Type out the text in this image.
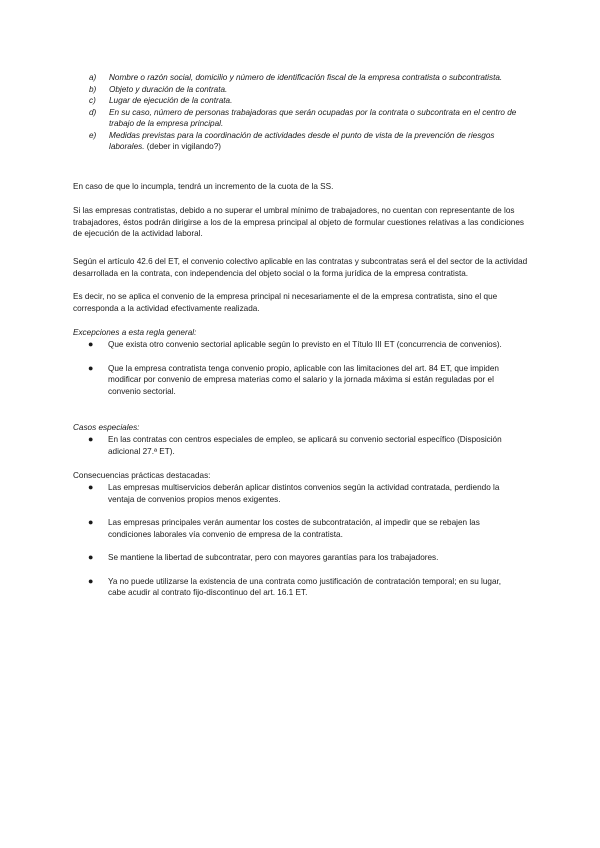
a)	Nombre o razón social, domicilio y número de identificación fiscal de la empresa contratista o subcontratista.
b)	Objeto y duración de la contrata.
c)	Lugar de ejecución de la contrata.
d)	En su caso, número de personas trabajadoras que serán ocupadas por la contrata o subcontrata en el centro de trabajo de la empresa principal.
e)	Medidas previstas para la coordinación de actividades desde el punto de vista de la prevención de riesgos laborales. (deber in vigilando?)

En caso de que lo incumpla, tendrá un incremento de la cuota de la SS.

Si las empresas contratistas, debido a no superar el umbral mínimo de trabajadores, no cuentan con representante de los trabajadores, éstos podrán dirigirse a los de la empresa principal al objeto de formular cuestiones relativas a las condiciones de ejecución de la actividad laboral.

Según el artículo 42.6 del ET, el convenio colectivo aplicable en las contratas y subcontratas será el del sector de la actividad desarrollada en la contrata, con independencia del objeto social o la forma jurídica de la empresa contratista.

Es decir, no se aplica el convenio de la empresa principal ni necesariamente el de la empresa contratista, sino el que corresponda a la actividad efectivamente realizada.

Excepciones a esta regla general:
●	Que exista otro convenio sectorial aplicable según lo previsto en el Título III ET (concurrencia de convenios).
●	Que la empresa contratista tenga convenio propio, aplicable con las limitaciones del art. 84 ET, que impiden modificar por convenio de empresa materias como el salario y la jornada máxima si están reguladas por el convenio sectorial.
Casos especiales:
●	En las contratas con centros especiales de empleo, se aplicará su convenio sectorial específico (Disposición adicional 27.ª ET).
Consecuencias prácticas destacadas:
●	Las empresas multiservicios deberán aplicar distintos convenios según la actividad contratada, perdiendo la ventaja de convenios propios menos exigentes.
●	Las empresas principales verán aumentar los costes de subcontratación, al impedir que se rebajen las condiciones laborales vía convenio de empresa de la contratista.
●	Se mantiene la libertad de subcontratar, pero con mayores garantías para los trabajadores.
●	Ya no puede utilizarse la existencia de una contrata como justificación de contratación temporal; en su lugar, cabe acudir al contrato fijo-discontinuo del art. 16.1 ET.
